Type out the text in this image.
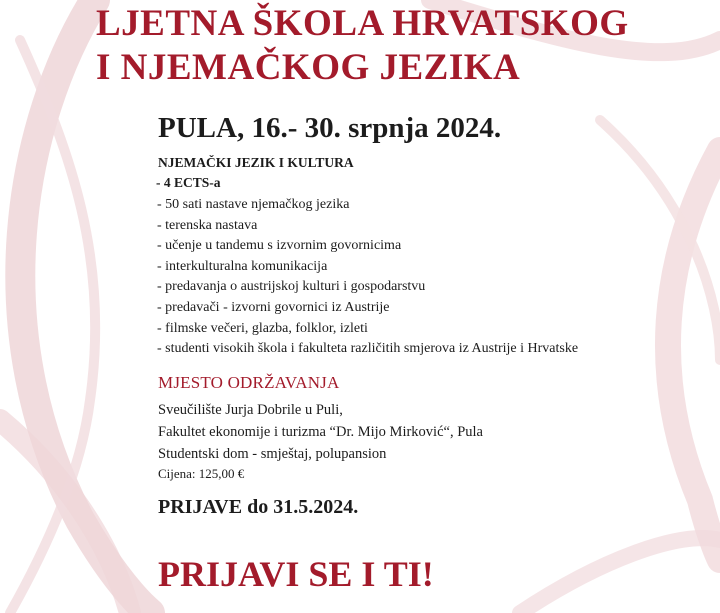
LJETNA ŠKOLA HRVATSKOG
I NJEMAČKOG JEZIKA
PULA, 16.- 30. srpnja 2024.
NJEMAČKI JEZIK I KULTURA
- 4 ECTS-a
- 50 sati nastave njemačkog jezika
- terenska nastava
- učenje u tandemu s izvornim govornicima
- interkulturalna komunikacija
- predavanja o austrijskoj kulturi i gospodarstvu
- predavači - izvorni govornici iz Austrije
- filmske večeri, glazba, folklor, izleti
- studenti visokih škola i fakulteta različitih smjerova iz Austrije i Hrvatske
MJESTO ODRŽAVANJA
Sveučilište Jurja Dobrile u Puli,
Fakultet ekonomije i turizma “Dr. Mijo Mirković“, Pula
Studentski dom - smještaj, polupansion
Cijena: 125,00 €
PRIJAVE do 31.5.2024.
PRIJAVI SE I TI!
